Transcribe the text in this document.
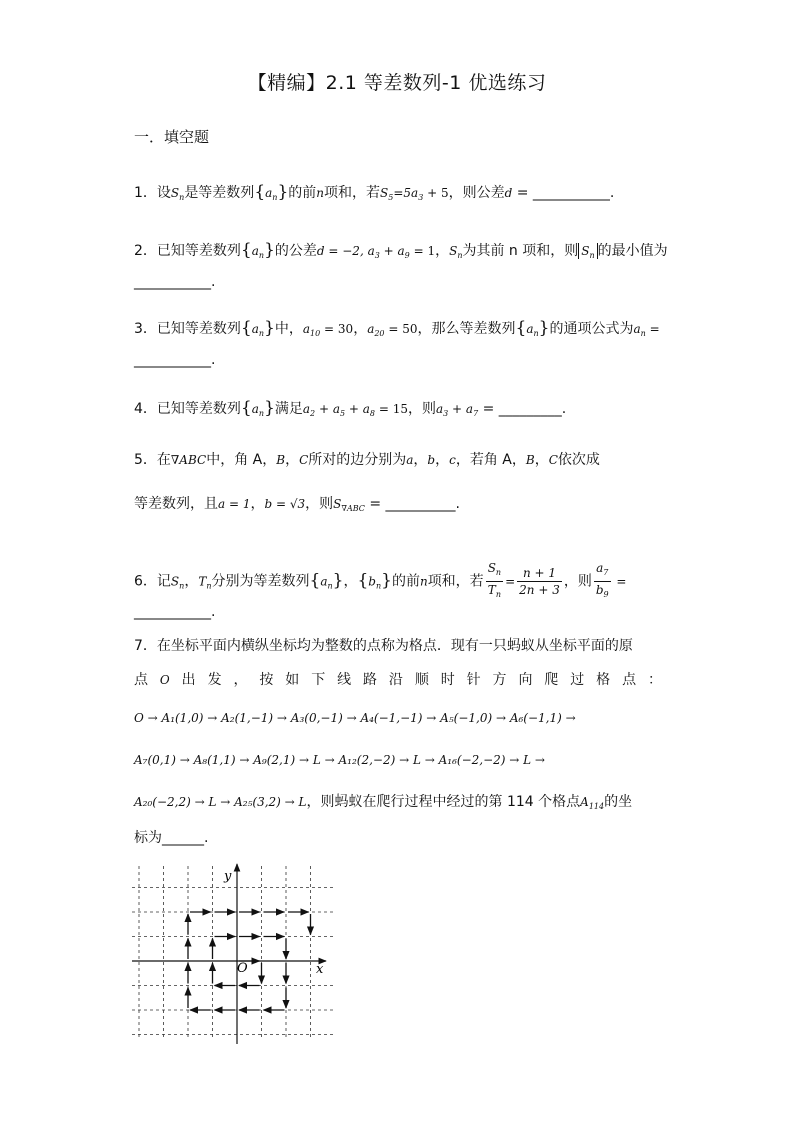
【精编】2.1 等差数列-1 优选练习
一．填空题
1．设$S_n$是等差数列$\{a_n\}$的前n项和，若$S_5=5a_3 + 5$，则公差d = ___________.
2．已知等差数列$\{a_n\}$的公差d = −2, $a_3 + a_9 = 1$，$S_n$为其前 n 项和，则 $S_n$ 的最小值为
___________.
3．已知等差数列$\{a_n\}$中，$a_{10} = 30$，$a_{20} = 50$，那么等差数列$\{a_n\}$的通项公式为$a_n$ =
___________.
4．已知等差数列$\{a_n\}$满足$a_2 + a_5 + a_8 = 15$，则$a_3 + a_7$ = _________.
5．在∇ABC中，角 A，B，C所对的边分别为a，b，c，若角 A，B，C依次成
等差数列，且a = 1，b = √3，则$S_{\nabla ABC}$ = __________.
6．记$S_n$，$T_n$分别为等差数列$\{a_n\}$，$\{b_n\}$的前n项和，若 $\frac{S_n}{T_n} = \frac{n + 1}{2n + 3}$ ，则 $\frac{a_7}{b_9}$ =
___________.
7．在坐标平面内横纵坐标均为整数的点称为格点．现有一只蚂蚁从坐标平面的原
点 O 出 发 ， 按 如 下 线 路 沿 顺 时 针 方 向 爬 过 格 点 ：
O → A₁(1,0) → A₂(1,−1) → A₃(0,−1) → A₄(−1,−1) → A₅(−1,0) → A₆(−1,1) →
A₇(0,1) → A₈(1,1) → A₉(2,1) → L → A₁₂(2,−2) → L → A₁₆(−2,−2) → L →
A₂₀(−2,2) → L → A₂₅(3,2) → L，则蚂蚁在爬行过程中经过的第 114 个格点$A_{114}$的坐
标为______.
y
x
O
